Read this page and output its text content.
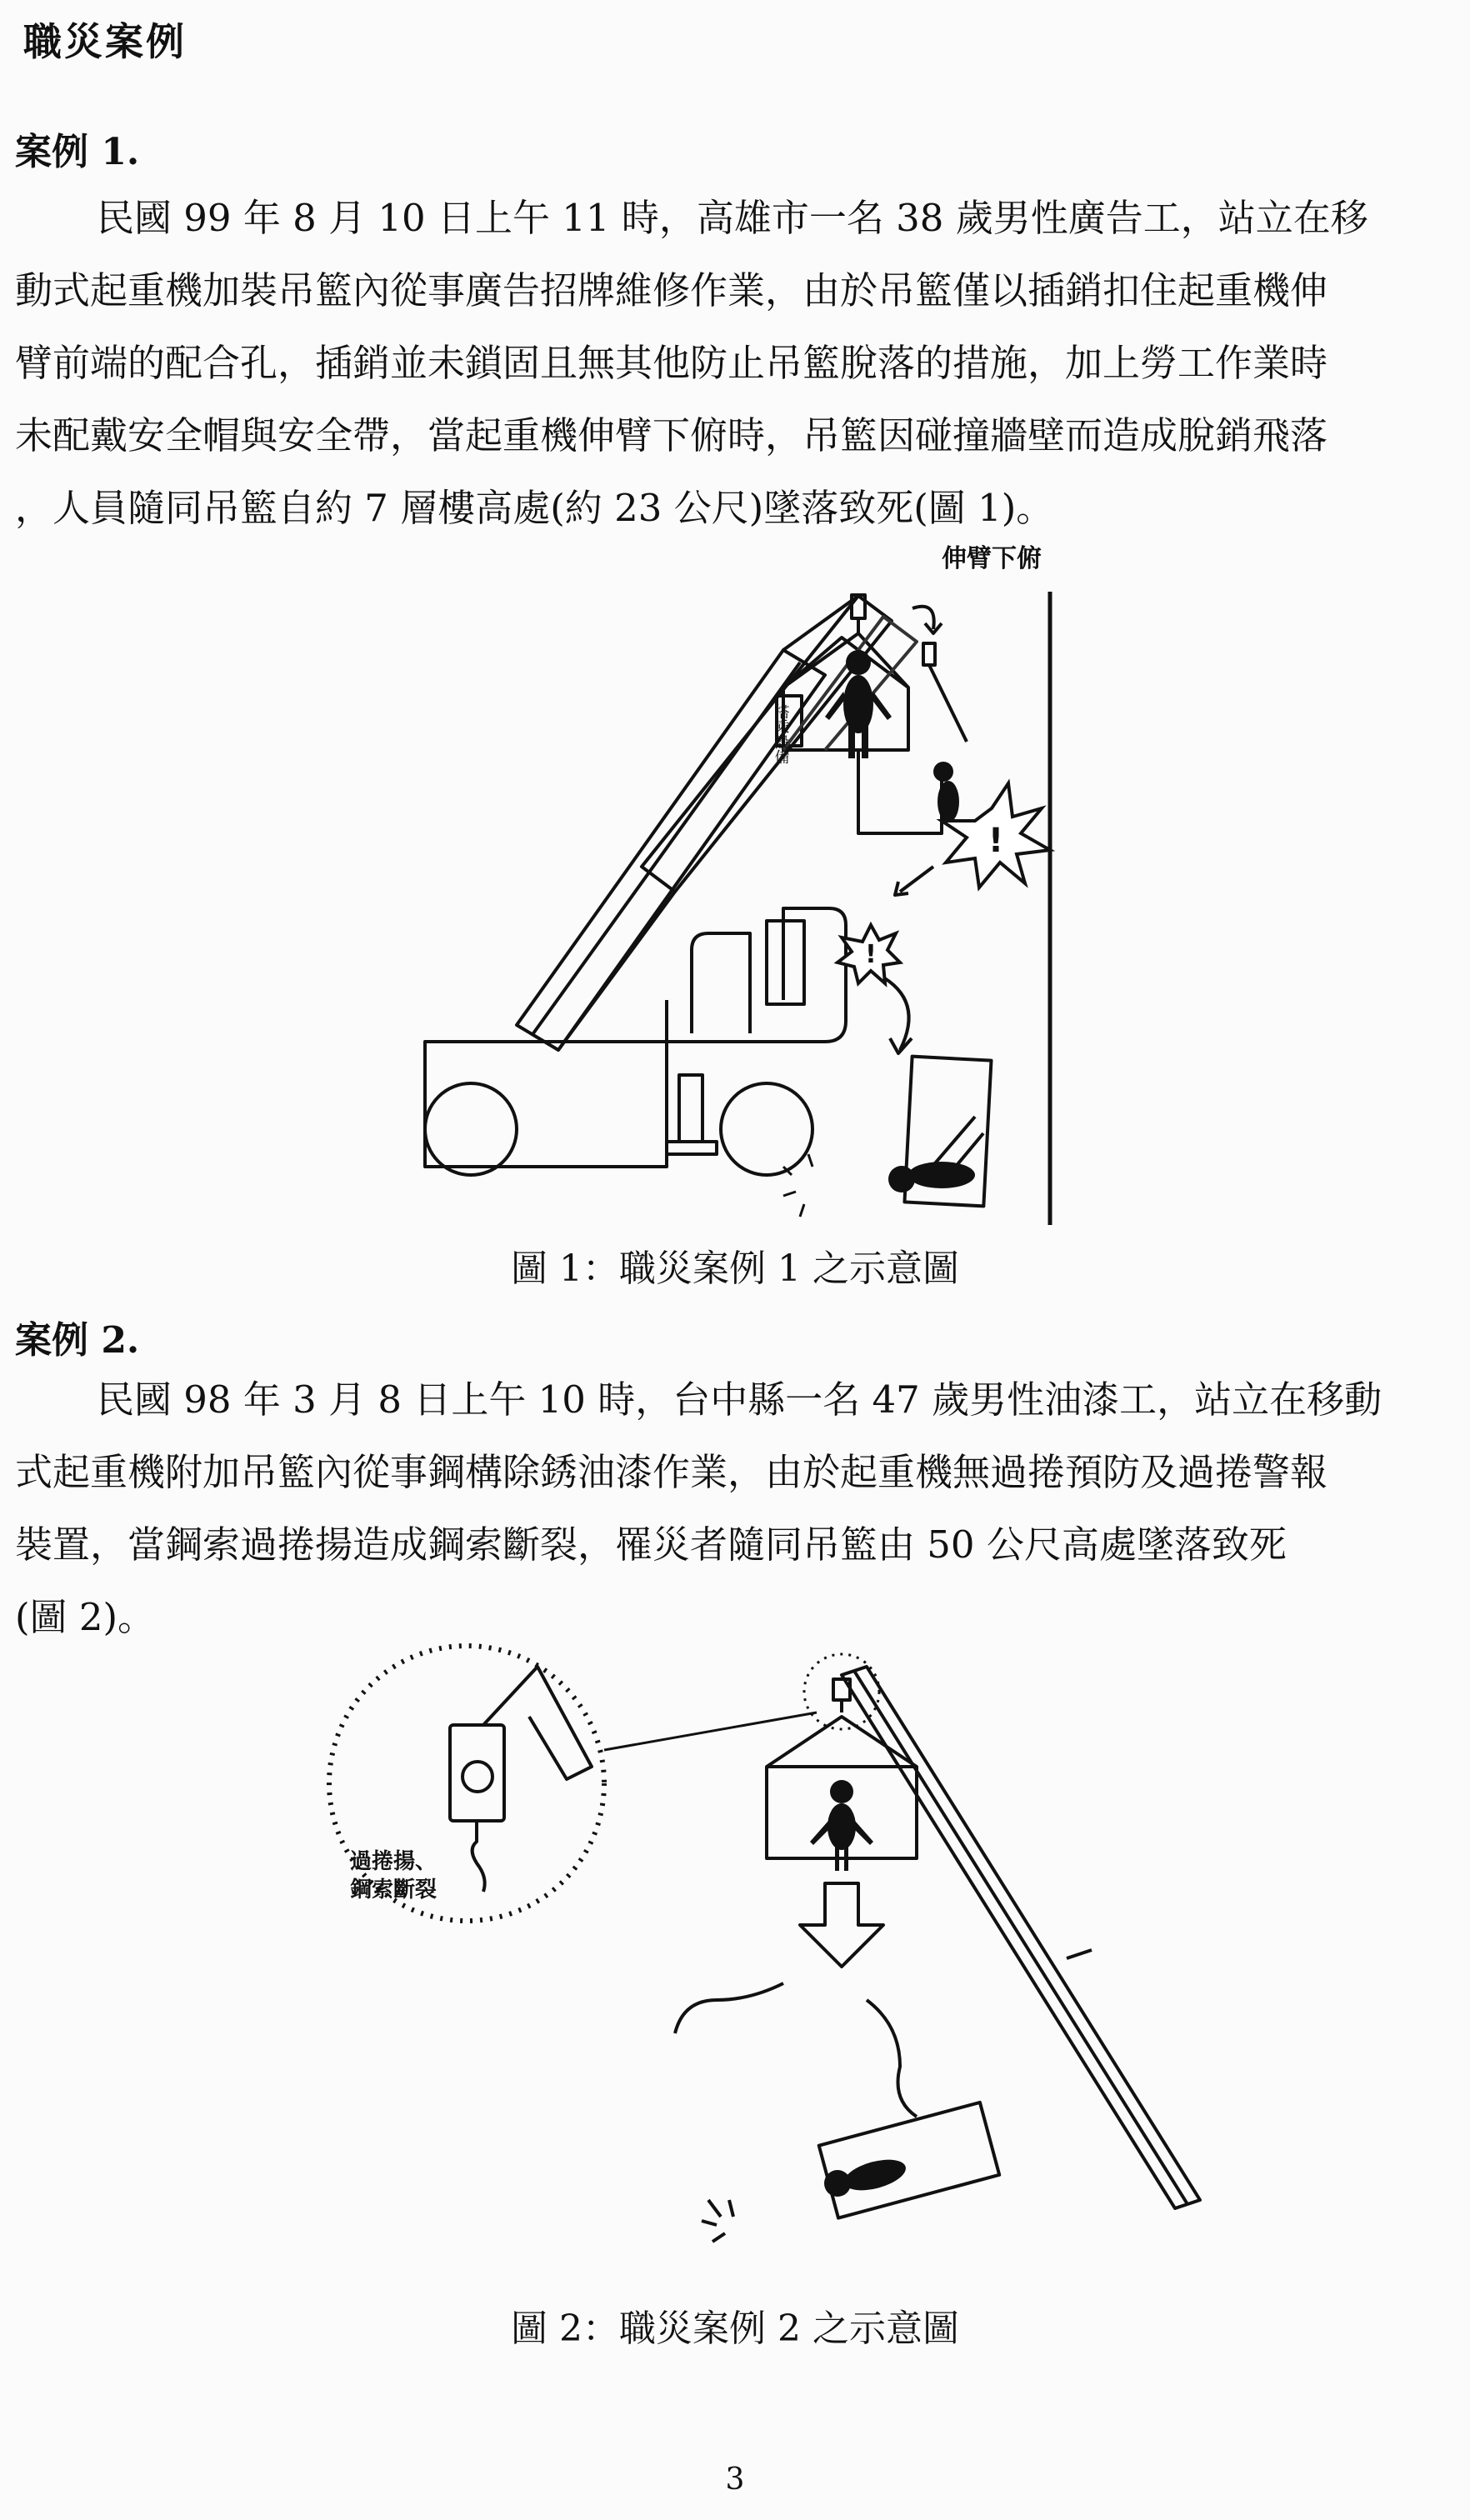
職災案例
案例 1.
民國 99 年 8 月 10 日上午 11 時，高雄市一名 38 歲男性廣告工，站立在移
動式起重機加裝吊籃內從事廣告招牌維修作業，由於吊籃僅以插銷扣住起重機伸
臂前端的配合孔，插銷並未鎖固且無其他防止吊籃脫落的措施，加上勞工作業時
未配戴安全帽與安全帶，當起重機伸臂下俯時，吊籃因碰撞牆壁而造成脫銷飛落
，人員隨同吊籃自約 7 層樓高處(約 23 公尺)墜落致死(圖 1)。
!
!
伸臂下俯
搭乘設備
圖 1：職災案例 1 之示意圖
案例 2.
民國 98 年 3 月 8 日上午 10 時，台中縣一名 47 歲男性油漆工，站立在移動
式起重機附加吊籃內從事鋼構除銹油漆作業，由於起重機無過捲預防及過捲警報
裝置，當鋼索過捲揚造成鋼索斷裂，罹災者隨同吊籃由 50 公尺高處墜落致死
(圖 2)。
過捲揚、
鋼索斷裂
圖 2：職災案例 2 之示意圖
3
